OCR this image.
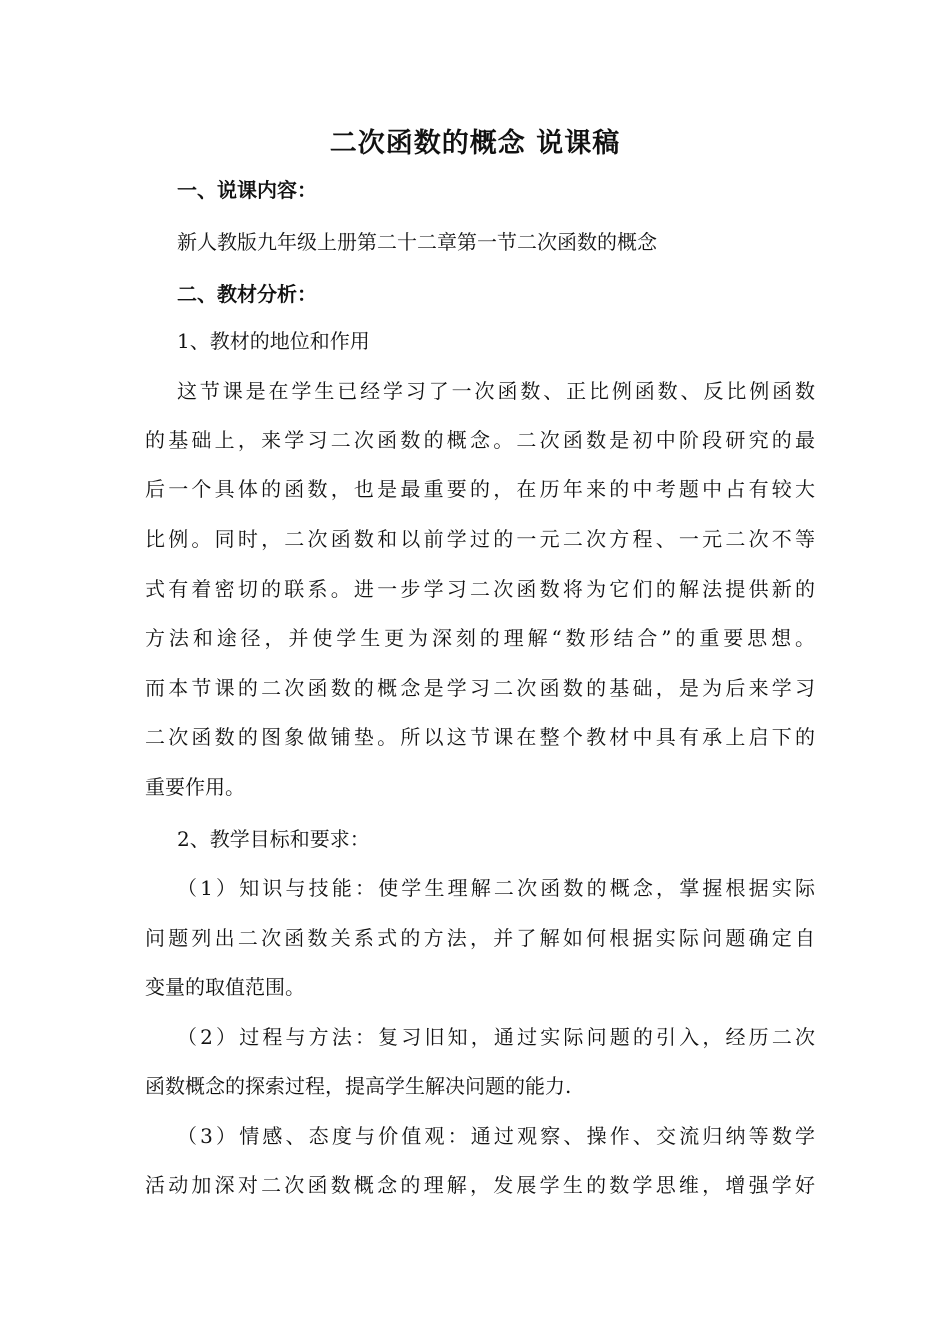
二次函数的概念 说课稿
一、说课内容：
新人教版九年级上册第二十二章第一节二次函数的概念
二、教材分析：
1、教材的地位和作用
这节课是在学生已经学习了一次函数、正比例函数、反比例函数
的基础上，来学习二次函数的概念。二次函数是初中阶段研究的最
后一个具体的函数，也是最重要的，在历年来的中考题中占有较大
比例。同时，二次函数和以前学过的一元二次方程、一元二次不等
式有着密切的联系。进一步学习二次函数将为它们的解法提供新的
方法和途径，并使学生更为深刻的理解“数形结合”的重要思想。
而本节课的二次函数的概念是学习二次函数的基础，是为后来学习
二次函数的图象做铺垫。所以这节课在整个教材中具有承上启下的
重要作用。
2、教学目标和要求：
（1）知识与技能：使学生理解二次函数的概念，掌握根据实际
问题列出二次函数关系式的方法，并了解如何根据实际问题确定自
变量的取值范围。
（2）过程与方法：复习旧知，通过实际问题的引入，经历二次
函数概念的探索过程，提高学生解决问题的能力.
（3）情感、态度与价值观：通过观察、操作、交流归纳等数学
活动加深对二次函数概念的理解，发展学生的数学思维，增强学好
